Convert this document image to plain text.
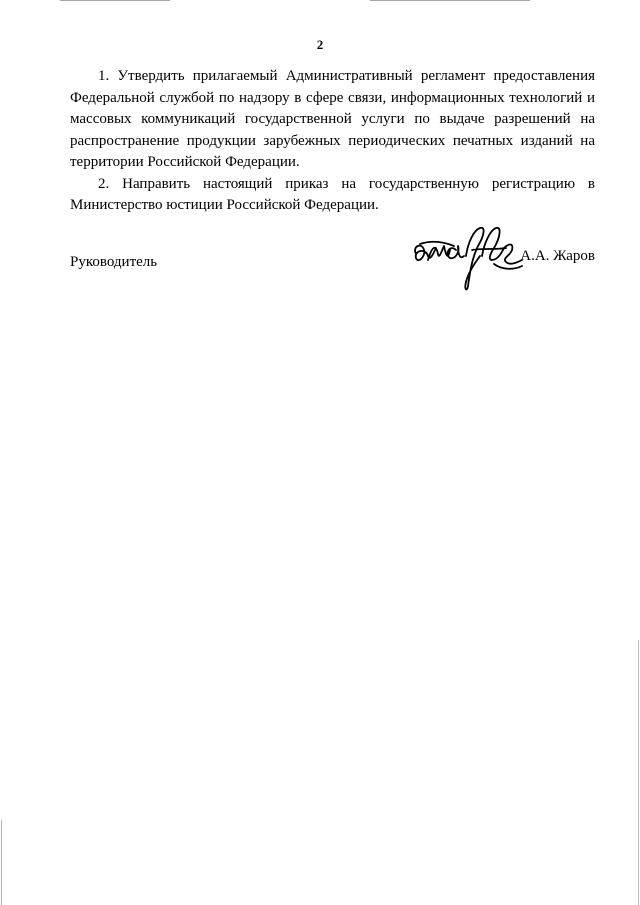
2

1. Утвердить прилагаемый Административный регламент предоставления Федеральной службой по надзору в сфере связи, информационных технологий и массовых коммуникаций государственной услуги по выдаче разрешений на распространение продукции зарубежных периодических печатных изданий на территории Российской Федерации.

2. Направить настоящий приказ на государственную регистрацию в Министерство юстиции Российской Федерации.

Руководитель	А.А. Жаров
